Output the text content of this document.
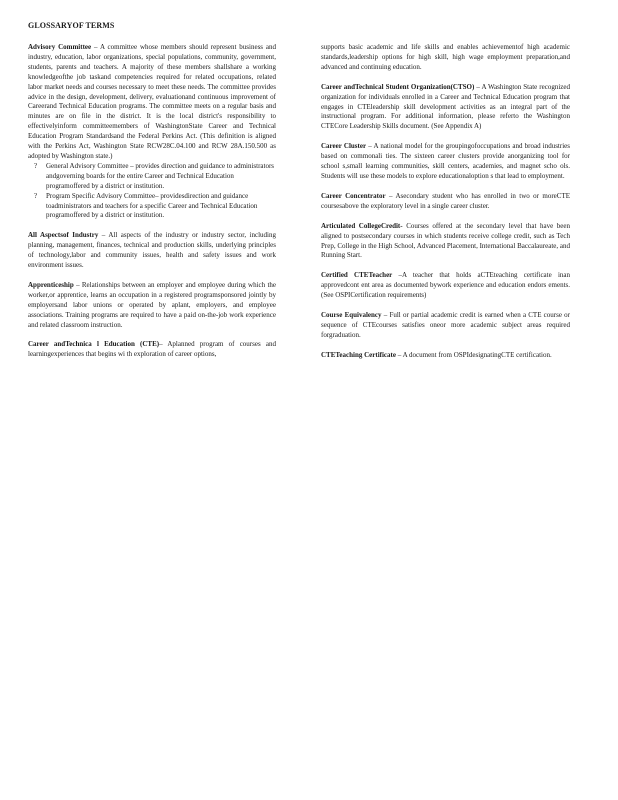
GLOSSARYOF TERMS

Advisory Committee – A committee whose members should represent business and industry, education, labor organizations, special populations, community, government, students, parents and teachers. A majority of these members shallshare a working knowledgeofthe job taskand competencies required for related occupations, related labor market needs and courses necessary to meet these needs. The committee provides advice in the design, development, delivery, evaluationand continuous improvement of Careerand Technical Education programs. The committee meets on a regular basis and minutes are on file in the district. It is the local district's responsibility to effectivelyinform committeemembers of WashingtonState Career and Technical Education Program Standardsand the Federal Perkins Act. (This definition is aligned with the Perkins Act, Washington State RCW28C.04.100 and RCW 28A.150.500 as adopted by Washington state.)

? General Advisory Committee – provides direction and guidance to administrators andgoverning boards for the entire Career and Technical Education programoffered by a district or institution.
? Program Specific Advisory Committee– providesdirection and guidance toadministrators and teachers for a specific Career and Technical Education programoffered by a district or institution.

All Aspectsof Industry – All aspects of the industry or industry sector, including planning, management, finances, technical and production skills, underlying principles of technology,labor and community issues, health and safety issues and work environment issues.

Apprenticeship – Relationships between an employer and employee during which the worker,or apprentice, learns an occupation in a registered programsponsored jointly by employersand labor unions or operated by aplant, employers, and employee associations. Training programs are required to have a paid on-the-job work experience and related classroom instruction.

Career andTechnica l Education (CTE)– Aplanned program of courses and learningexperiences that begins wi th exploration of career options,

supports basic academic and life skills and enables achievementof high academic standards,leadership options for high skill, high wage employment preparation,and advanced and continuing education.

Career andTechnical Student Organization(CTSO) – A Washington State recognized organization for individuals enrolled in a Career and Technical Education program that engages in CTEleadership skill development activities as an integral part of the instructional program. For additional information, please referto the Washington CTECore Leadership Skills document. (See Appendix A)

Career Cluster – A national model for the groupingofoccupations and broad industries based on commonali ties. The sixteen career clusters provide anorganizing tool for school s,small learning communities, skill centers, academies, and magnet scho ols. Students will use these models to explore educationaloption s that lead to employment.

Career Concentrator – Asecondary student who has enrolled in two or moreCTE coursesabove the exploratory level in a single career cluster.

Articulated CollegeCredit- Courses offered at the secondary level that have been aligned to postsecondary courses in which students receive college credit, such as Tech Prep, College in the High School, Advanced Placement, International Baccalaureate, and Running Start.

Certified CTETeacher –A teacher that holds aCTEteaching certificate inan approvedcont ent area as documented bywork experience and education endors ements. (See OSPICertification requirements)

Course Equivalency – Full or partial academic credit is earned when a CTE course or sequence of CTEcourses satisfies oneor more academic subject areas required forgraduation.

CTETeaching Certificate – A document from OSPIdesignatingCTE certification.
